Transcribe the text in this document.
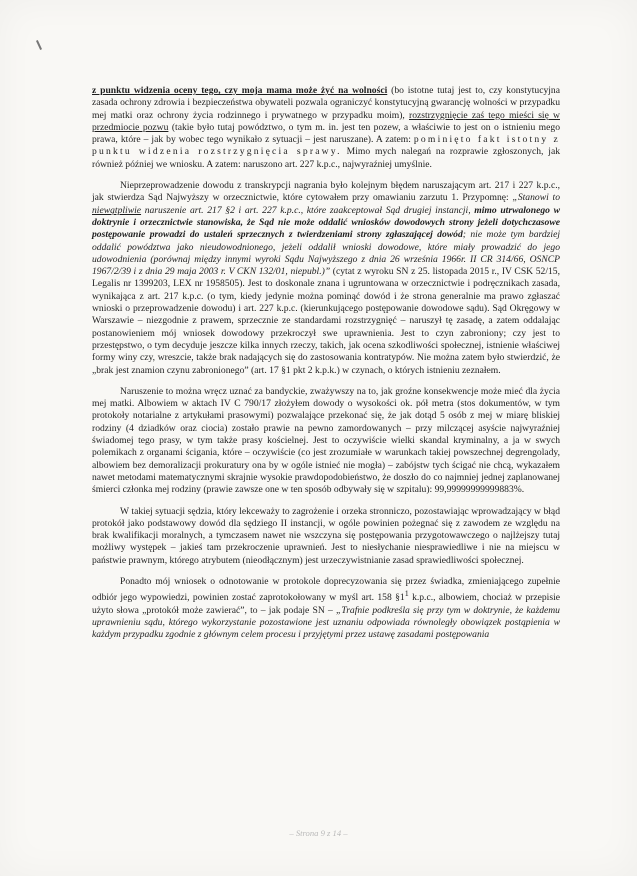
z punktu widzenia oceny tego, czy moja mama może żyć na wolności (bo istotne tutaj jest to, czy konstytucyjna zasada ochrony zdrowia i bezpieczeństwa obywateli pozwala ograniczyć konstytucyjną gwarancję wolności w przypadku mej matki oraz ochrony życia rodzinnego i prywatnego w przypadku moim), rozstrzygnięcie zaś tego mieści się w przedmiocie pozwu (takie było tutaj powództwo, o tym m. in. jest ten pozew, a właściwie to jest on o istnieniu mego prawa, które – jak by wobec tego wynikało z sytuacji – jest naruszane). A zatem: pominięto fakt istotny z punktu widzenia rozstrzygnięcia sprawy. Mimo mych nalegań na rozprawie zgłoszonych, jak również później we wniosku. A zatem: naruszono art. 227 k.p.c., najwyraźniej umyślnie.

Nieprzeprowadzenie dowodu z transkrypcji nagrania było kolejnym błędem naruszającym art. 217 i 227 k.p.c., jak stwierdza Sąd Najwyższy w orzecznictwie, które cytowałem przy omawianiu zarzutu 1. Przypomnę: „Stanowi to niewątpliwie naruszenie art. 217 §2 i art. 227 k.p.c., które zaakceptował Sąd drugiej instancji, mimo utrwalonego w doktrynie i orzecznictwie stanowiska, że Sąd nie może oddalić wniosków dowodowych strony jeżeli dotychczasowe postępowanie prowadzi do ustaleń sprzecznych z twierdzeniami strony zgłaszającej dowód; nie może tym bardziej oddalić powództwa jako nieudowodnionego, jeżeli oddalił wnioski dowodowe, które miały prowadzić do jego udowodnienia (porównaj między innymi wyroki Sądu Najwyższego z dnia 26 września 1966r. II CR 314/66, OSNCP 1967/2/39 i z dnia 29 maja 2003 r. V CKN 132/01, niepubl.)” (cytat z wyroku SN z 25. listopada 2015 r., IV CSK 52/15, Legalis nr 1399203, LEX nr 1958505). Jest to doskonale znana i ugruntowana w orzecznictwie i podręcznikach zasada, wynikająca z art. 217 k.p.c. (o tym, kiedy jedynie można pominąć dowód i że strona generalnie ma prawo zgłaszać wnioski o przeprowadzenie dowodu) i art. 227 k.p.c. (kierunkującego postępowanie dowodowe sądu). Sąd Okręgowy w Warszawie – niezgodnie z prawem, sprzecznie ze standardami rozstrzygnięć – naruszył tę zasadę, a zatem oddalając postanowieniem mój wniosek dowodowy przekroczył swe uprawnienia. Jest to czyn zabroniony; czy jest to przestępstwo, o tym decyduje jeszcze kilka innych rzeczy, takich, jak ocena szkodliwości społecznej, istnienie właściwej formy winy czy, wreszcie, także brak nadających się do zastosowania kontratypów. Nie można zatem było stwierdzić, że „brak jest znamion czynu zabronionego” (art. 17 §1 pkt 2 k.p.k.) w czynach, o których istnieniu zeznałem.

Naruszenie to można wręcz uznać za bandyckie, zważywszy na to, jak groźne konsekwencje może mieć dla życia mej matki. Albowiem w aktach IV C 790/17 złożyłem dowody o wysokości ok. pół metra (stos dokumentów, w tym protokoły notarialne z artykułami prasowymi) pozwalające przekonać się, że jak dotąd 5 osób z mej w miarę bliskiej rodziny (4 dziadków oraz ciocia) zostało prawie na pewno zamordowanych – przy milczącej asyście najwyraźniej świadomej tego prasy, w tym także prasy kościelnej. Jest to oczywiście wielki skandal kryminalny, a ja w swych polemikach z organami ścigania, które – oczywiście (co jest zrozumiałe w warunkach takiej powszechnej degrengolady, albowiem bez demoralizacji prokuratury ona by w ogóle istnieć nie mogła) – zabójstw tych ścigać nie chcą, wykazałem nawet metodami matematycznymi skrajnie wysokie prawdopodobieństwo, że doszło do co najmniej jednej zaplanowanej śmierci członka mej rodziny (prawie zawsze one w ten sposób odbywały się w szpitalu): 99,99999999999883%.

W takiej sytuacji sędzia, który lekceważy to zagrożenie i orzeka stronniczo, pozostawiając wprowadzający w błąd protokół jako podstawowy dowód dla sędziego II instancji, w ogóle powinien pożegnać się z zawodem ze względu na brak kwalifikacji moralnych, a tymczasem nawet nie wszczyna się postępowania przygotowawczego o najlżejszy tutaj możliwy występek – jakieś tam przekroczenie uprawnień. Jest to niesłychanie niesprawiedliwe i nie na miejscu w państwie prawnym, którego atrybutem (nieodłącznym) jest urzeczywistnianie zasad sprawiedliwości społecznej.

Ponadto mój wniosek o odnotowanie w protokole doprecyzowania się przez świadka, zmieniającego zupełnie odbiór jego wypowiedzi, powinien zostać zaprotokołowany w myśl art. 158 $\S 1^1$ k.p.c., albowiem, chociaż w przepisie użyto słowa „protokół może zawierać”, to – jak podaje SN – „Trafnie podkreśla się przy tym w doktrynie, że każdemu uprawnieniu sądu, którego wykorzystanie pozostawione jest uznaniu odpowiada równoległy obowiązek postąpienia w każdym przypadku zgodnie z głównym celem procesu i przyjętymi przez ustawę zasadami postępowania

– Strona 9 z 14 –
